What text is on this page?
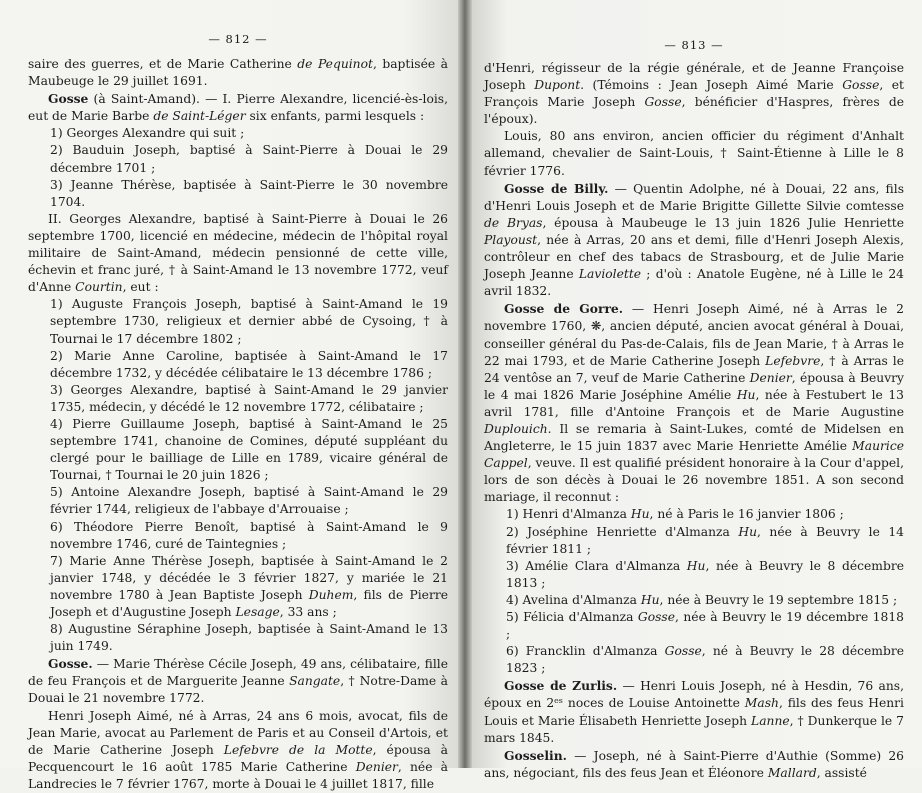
— 812 —

saire des guerres, et de Marie Catherine de Pequinot, baptisée à Maubeuge le 29 juillet 1691.

Gosse (à Saint-Amand). — I. Pierre Alexandre, licencié-ès-lois, eut de Marie Barbe de Saint-Léger six enfants, parmi lesquels :

1) Georges Alexandre qui suit ;

2) Bauduin Joseph, baptisé à Saint-Pierre à Douai le 29 décembre 1701 ;

3) Jeanne Thérèse, baptisée à Saint-Pierre le 30 novembre 1704.

II. Georges Alexandre, baptisé à Saint-Pierre à Douai le 26 septembre 1700, licencié en médecine, médecin de l'hôpital royal militaire de Saint-Amand, médecin pensionné de cette ville, échevin et franc juré, † à Saint-Amand le 13 novembre 1772, veuf d'Anne Courtin, eut :

1) Auguste François Joseph, baptisé à Saint-Amand le 19 septembre 1730, religieux et dernier abbé de Cysoing, † à Tournai le 17 décembre 1802 ;

2) Marie Anne Caroline, baptisée à Saint-Amand le 17 décembre 1732, y décédée célibataire le 13 décembre 1786 ;

3) Georges Alexandre, baptisé à Saint-Amand le 29 janvier 1735, médecin, y décédé le 12 novembre 1772, célibataire ;

4) Pierre Guillaume Joseph, baptisé à Saint-Amand le 25 septembre 1741, chanoine de Comines, député suppléant du clergé pour le bailliage de Lille en 1789, vicaire général de Tournai, † Tournai le 20 juin 1826 ;

5) Antoine Alexandre Joseph, baptisé à Saint-Amand le 29 février 1744, religieux de l'abbaye d'Arrouaise ;

6) Théodore Pierre Benoît, baptisé à Saint-Amand le 9 novembre 1746, curé de Taintegnies ;

7) Marie Anne Thérèse Joseph, baptisée à Saint-Amand le 2 janvier 1748, y décédée le 3 février 1827, y mariée le 21 novembre 1780 à Jean Baptiste Joseph Duhem, fils de Pierre Joseph et d'Augustine Joseph Lesage, 33 ans ;

8) Augustine Séraphine Joseph, baptisée à Saint-Amand le 13 juin 1749.

Gosse. — Marie Thérèse Cécile Joseph, 49 ans, célibataire, fille de feu François et de Marguerite Jeanne Sangate, † Notre-Dame à Douai le 21 novembre 1772.

Henri Joseph Aimé, né à Arras, 24 ans 6 mois, avocat, fils de Jean Marie, avocat au Parlement de Paris et au Conseil d'Artois, et de Marie Catherine Joseph Lefebvre de la Motte, épousa à Pecquencourt le 16 août 1785 Marie Catherine Denier, née à Landrecies le 7 février 1767, morte à Douai le 4 juillet 1817, fille

— 813 —

d'Henri, régisseur de la régie générale, et de Jeanne Françoise Joseph Dupont. (Témoins : Jean Joseph Aimé Marie Gosse, et François Marie Joseph Gosse, bénéficier d'Haspres, frères de l'époux).

Louis, 80 ans environ, ancien officier du régiment d'Anhalt allemand, chevalier de Saint-Louis, † Saint-Étienne à Lille le 8 février 1776.

Gosse de Billy. — Quentin Adolphe, né à Douai, 22 ans, fils d'Henri Louis Joseph et de Marie Brigitte Gillette Silvie comtesse de Bryas, épousa à Maubeuge le 13 juin 1826 Julie Henriette Playoust, née à Arras, 20 ans et demi, fille d'Henri Joseph Alexis, contrôleur en chef des tabacs de Strasbourg, et de Julie Marie Joseph Jeanne Laviolette ; d'où : Anatole Eugène, né à Lille le 24 avril 1832.

Gosse de Gorre. — Henri Joseph Aimé, né à Arras le 2 novembre 1760, ❋, ancien député, ancien avocat général à Douai, conseiller général du Pas-de-Calais, fils de Jean Marie, † à Arras le 22 mai 1793, et de Marie Catherine Joseph Lefebvre, † à Arras le 24 ventôse an 7, veuf de Marie Catherine Denier, épousa à Beuvry le 4 mai 1826 Marie Joséphine Amélie Hu, née à Festubert le 13 avril 1781, fille d'Antoine François et de Marie Augustine Duplouich. Il se remaria à Saint-Lukes, comté de Midelsen en Angleterre, le 15 juin 1837 avec Marie Henriette Amélie Maurice Cappel, veuve. Il est qualifié président honoraire à la Cour d'appel, lors de son décès à Douai le 26 novembre 1851. A son second mariage, il reconnut :

1) Henri d'Almanza Hu, né à Paris le 16 janvier 1806 ;

2) Joséphine Henriette d'Almanza Hu, née à Beuvry le 14 février 1811 ;

3) Amélie Clara d'Almanza Hu, née à Beuvry le 8 décembre 1813 ;

4) Avelina d'Almanza Hu, née à Beuvry le 19 septembre 1815 ;

5) Félicia d'Almanza Gosse, née à Beuvry le 19 décembre 1818 ;

6) Francklin d'Almanza Gosse, né à Beuvry le 28 décembre 1823 ;

Gosse de Zurlis. — Henri Louis Joseph, né à Hesdin, 76 ans, époux en 2ᵉˢ noces de Louise Antoinette Mash, fils des feus Henri Louis et Marie Élisabeth Henriette Joseph Lanne, † Dunkerque le 7 mars 1845.

Gosselin. — Joseph, né à Saint-Pierre d'Authie (Somme) 26 ans, négociant, fils des feus Jean et Éléonore Mallard, assisté
